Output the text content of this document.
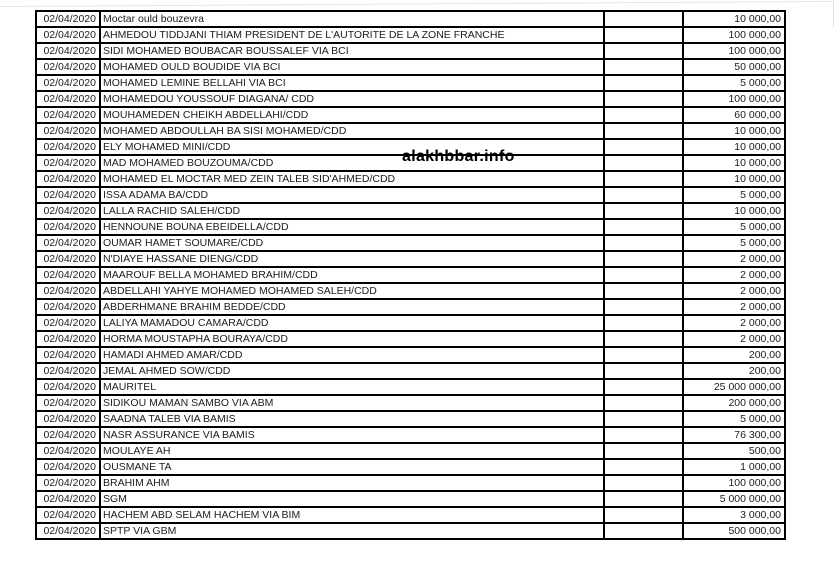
02/04/2020	Moctar ould bouzevra		10 000,00
02/04/2020	AHMEDOU TIDDJANI THIAM PRESIDENT DE L'AUTORITE DE LA ZONE FRANCHE		100 000,00
02/04/2020	SIDI MOHAMED BOUBACAR BOUSSALEF VIA BCI		100 000,00
02/04/2020	MOHAMED OULD BOUDIDE VIA BCI		50 000,00
02/04/2020	MOHAMED LEMINE BELLAHI VIA BCI		5 000,00
02/04/2020	MOHAMEDOU YOUSSOUF DIAGANA/ CDD		100 000,00
02/04/2020	MOUHAMEDEN CHEIKH ABDELLAHI/CDD		60 000,00
02/04/2020	MOHAMED ABDOULLAH BA SISI MOHAMED/CDD		10 000,00
02/04/2020	ELY MOHAMED MINI/CDD		10 000,00
02/04/2020	MAD MOHAMED BOUZOUMA/CDD		10 000,00
02/04/2020	MOHAMED EL MOCTAR MED ZEIN TALEB SID'AHMED/CDD		10 000,00
02/04/2020	ISSA ADAMA BA/CDD		5 000,00
02/04/2020	LALLA RACHID SALEH/CDD		10 000,00
02/04/2020	HENNOUNE BOUNA EBEIDELLA/CDD		5 000,00
02/04/2020	OUMAR HAMET SOUMARE/CDD		5 000,00
02/04/2020	N'DIAYE HASSANE DIENG/CDD		2 000,00
02/04/2020	MAAROUF BELLA MOHAMED BRAHIM/CDD		2 000,00
02/04/2020	ABDELLAHI YAHYE MOHAMED MOHAMED SALEH/CDD		2 000,00
02/04/2020	ABDERHMANE BRAHIM BEDDE/CDD		2 000,00
02/04/2020	LALIYA MAMADOU CAMARA/CDD		2 000,00
02/04/2020	HORMA MOUSTAPHA BOURAYA/CDD		2 000,00
02/04/2020	HAMADI AHMED AMAR/CDD		200,00
02/04/2020	JEMAL AHMED SOW/CDD		200,00
02/04/2020	MAURITEL		25 000 000,00
02/04/2020	SIDIKOU MAMAN SAMBO VIA ABM		200 000,00
02/04/2020	SAADNA TALEB VIA BAMIS		5 000,00
02/04/2020	NASR ASSURANCE VIA BAMIS		76 300,00
02/04/2020	MOULAYE AH		500,00
02/04/2020	OUSMANE TA		1 000,00
02/04/2020	BRAHIM AHM		100 000,00
02/04/2020	SGM		5 000 000,00
02/04/2020	HACHEM ABD SELAM HACHEM VIA BIM		3 000,00
02/04/2020	SPTP VIA GBM		500 000,00
alakhbbar.info
